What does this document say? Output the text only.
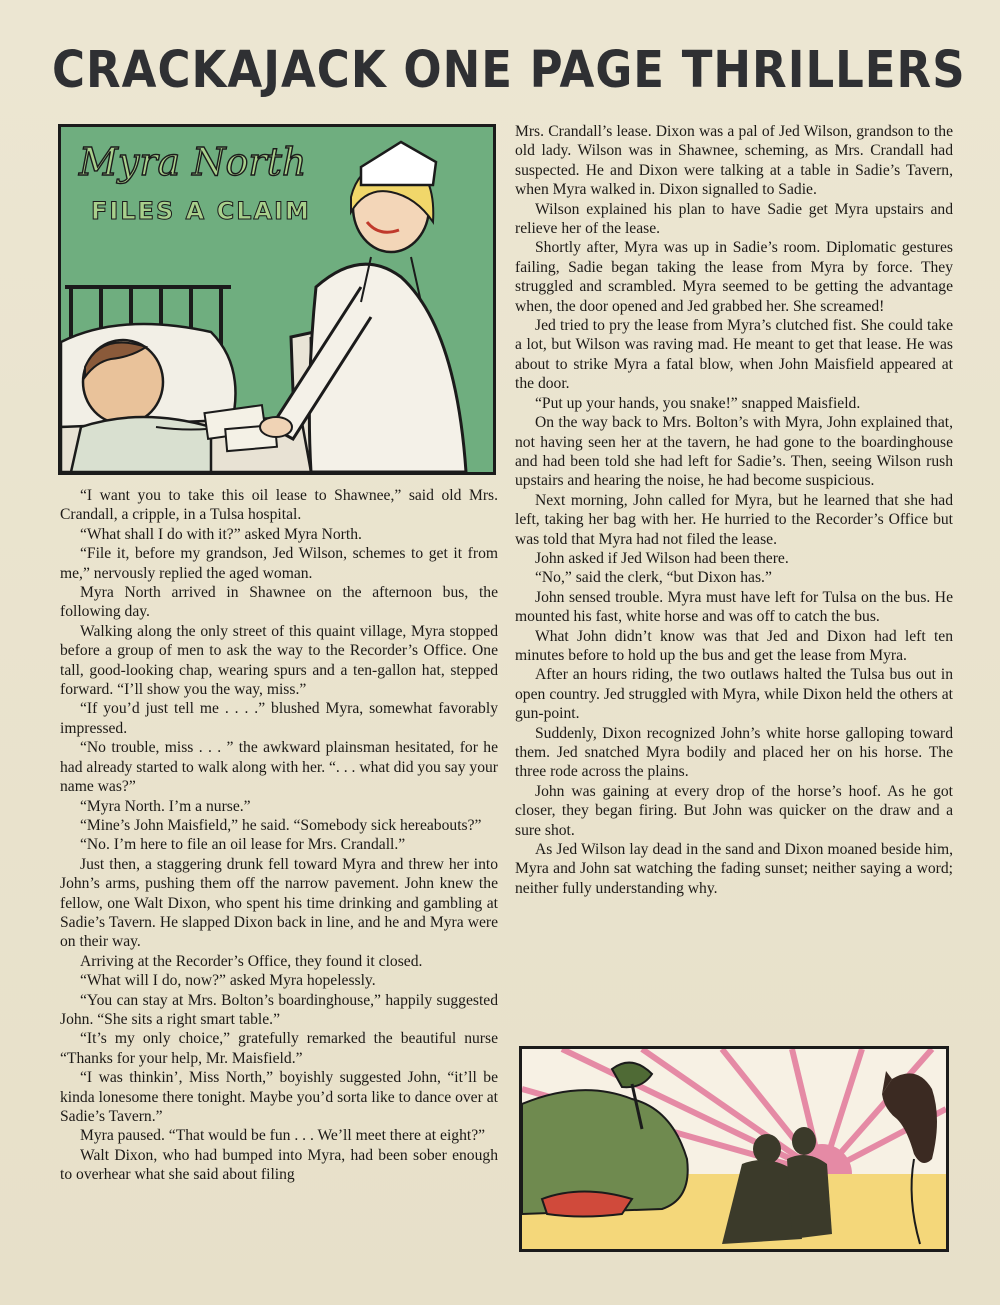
CRACKAJACK ONE PAGE THRILLERS
Myra North
FILES A CLAIM

“I want you to take this oil lease to Shawnee,” said old Mrs. Crandall, a cripple, in a Tulsa hospital.

“What shall I do with it?” asked Myra North.

“File it, before my grandson, Jed Wilson, schemes to get it from me,” nervously replied the aged woman.

Myra North arrived in Shawnee on the afternoon bus, the following day.

Walking along the only street of this quaint village, Myra stopped before a group of men to ask the way to the Recorder’s Office. One tall, good-looking chap, wearing spurs and a ten-gallon hat, stepped forward. “I’ll show you the way, miss.”

“If you’d just tell me . . . .” blushed Myra, somewhat favorably impressed.

“No trouble, miss . . . ” the awkward plainsman hesitated, for he had already started to walk along with her. “. . . what did you say your name was?”

“Myra North. I’m a nurse.”

“Mine’s John Maisfield,” he said. “Somebody sick hereabouts?”

“No. I’m here to file an oil lease for Mrs. Crandall.”

Just then, a staggering drunk fell toward Myra and threw her into John’s arms, pushing them off the narrow pavement. John knew the fellow, one Walt Dixon, who spent his time drinking and gambling at Sadie’s Tavern. He slapped Dixon back in line, and he and Myra were on their way.

Arriving at the Recorder’s Office, they found it closed.

“What will I do, now?” asked Myra hopelessly.

“You can stay at Mrs. Bolton’s boardinghouse,” happily suggested John. “She sits a right smart table.”

“It’s my only choice,” gratefully remarked the beautiful nurse “Thanks for your help, Mr. Maisfield.”

“I was thinkin’, Miss North,” boyishly suggested John, “it’ll be kinda lonesome there tonight. Maybe you’d sorta like to dance over at Sadie’s Tavern.”

Myra paused. “That would be fun . . . We’ll meet there at eight?”

Walt Dixon, who had bumped into Myra, had been sober enough to overhear what she said about filing

Mrs. Crandall’s lease. Dixon was a pal of Jed Wilson, grandson to the old lady. Wilson was in Shawnee, scheming, as Mrs. Crandall had suspected. He and Dixon were talking at a table in Sadie’s Tavern, when Myra walked in. Dixon signalled to Sadie.

Wilson explained his plan to have Sadie get Myra upstairs and relieve her of the lease.

Shortly after, Myra was up in Sadie’s room. Diplomatic gestures failing, Sadie began taking the lease from Myra by force. They struggled and scrambled. Myra seemed to be getting the advantage when, the door opened and Jed grabbed her. She screamed!

Jed tried to pry the lease from Myra’s clutched fist. She could take a lot, but Wilson was raving mad. He meant to get that lease. He was about to strike Myra a fatal blow, when John Maisfield appeared at the door.

“Put up your hands, you snake!” snapped Maisfield.

On the way back to Mrs. Bolton’s with Myra, John explained that, not having seen her at the tavern, he had gone to the boardinghouse and had been told she had left for Sadie’s. Then, seeing Wilson rush upstairs and hearing the noise, he had become suspicious.

Next morning, John called for Myra, but he learned that she had left, taking her bag with her. He hurried to the Recorder’s Office but was told that Myra had not filed the lease.

John asked if Jed Wilson had been there.

“No,” said the clerk, “but Dixon has.”

John sensed trouble. Myra must have left for Tulsa on the bus. He mounted his fast, white horse and was off to catch the bus.

What John didn’t know was that Jed and Dixon had left ten minutes before to hold up the bus and get the lease from Myra.

After an hours riding, the two outlaws halted the Tulsa bus out in open country. Jed struggled with Myra, while Dixon held the others at gun-point.

Suddenly, Dixon recognized John’s white horse galloping toward them. Jed snatched Myra bodily and placed her on his horse. The three rode across the plains.

John was gaining at every drop of the horse’s hoof. As he got closer, they began firing. But John was quicker on the draw and a sure shot.

As Jed Wilson lay dead in the sand and Dixon moaned beside him, Myra and John sat watching the fading sunset; neither saying a word; neither fully understanding why.
